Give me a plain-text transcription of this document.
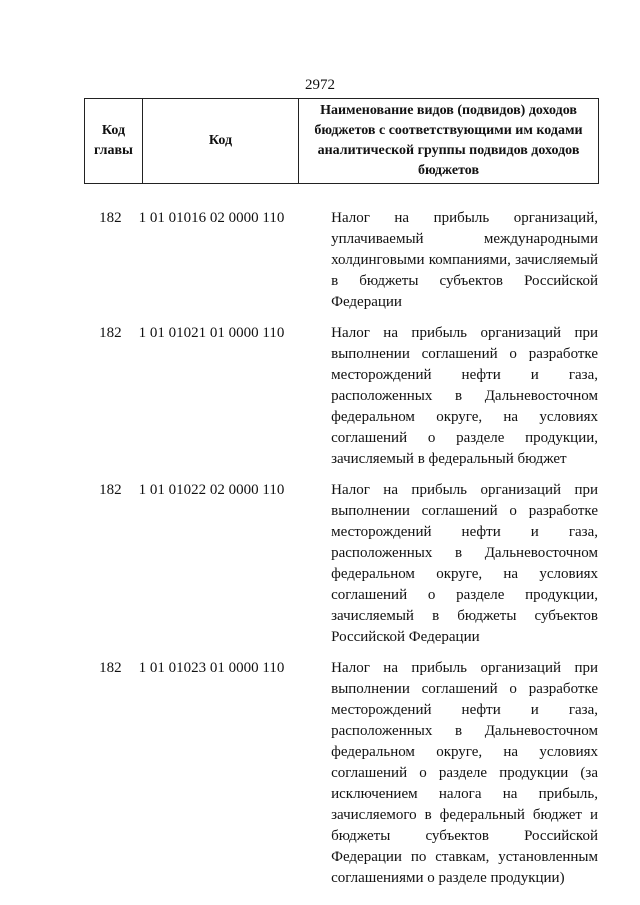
2972
Код главы	Код	Наименование видов (подвидов) доходов бюджетов с соответствующими им кодами аналитической группы подвидов доходов бюджетов
182	1 01 01016 02 0000 110	Налог на прибыль организаций, уплачиваемый международными холдинговыми компаниями, зачисляемый в бюджеты субъектов Российской Федерации
182	1 01 01021 01 0000 110	Налог на прибыль организаций при выполнении соглашений о разработке месторождений нефти и газа, расположенных в Дальневосточном федеральном округе, на условиях соглашений о разделе продукции, зачисляемый в федеральный бюджет
182	1 01 01022 02 0000 110	Налог на прибыль организаций при выполнении соглашений о разработке месторождений нефти и газа, расположенных в Дальневосточном федеральном округе, на условиях соглашений о разделе продукции, зачисляемый в бюджеты субъектов Российской Федерации
182	1 01 01023 01 0000 110	Налог на прибыль организаций при выполнении соглашений о разработке месторождений нефти и газа, расположенных в Дальневосточном федеральном округе, на условиях соглашений о разделе продукции (за исключением налога на прибыль, зачисляемого в федеральный бюджет и бюджеты субъектов Российской Федерации по ставкам, установленным соглашениями о разделе продукции)
